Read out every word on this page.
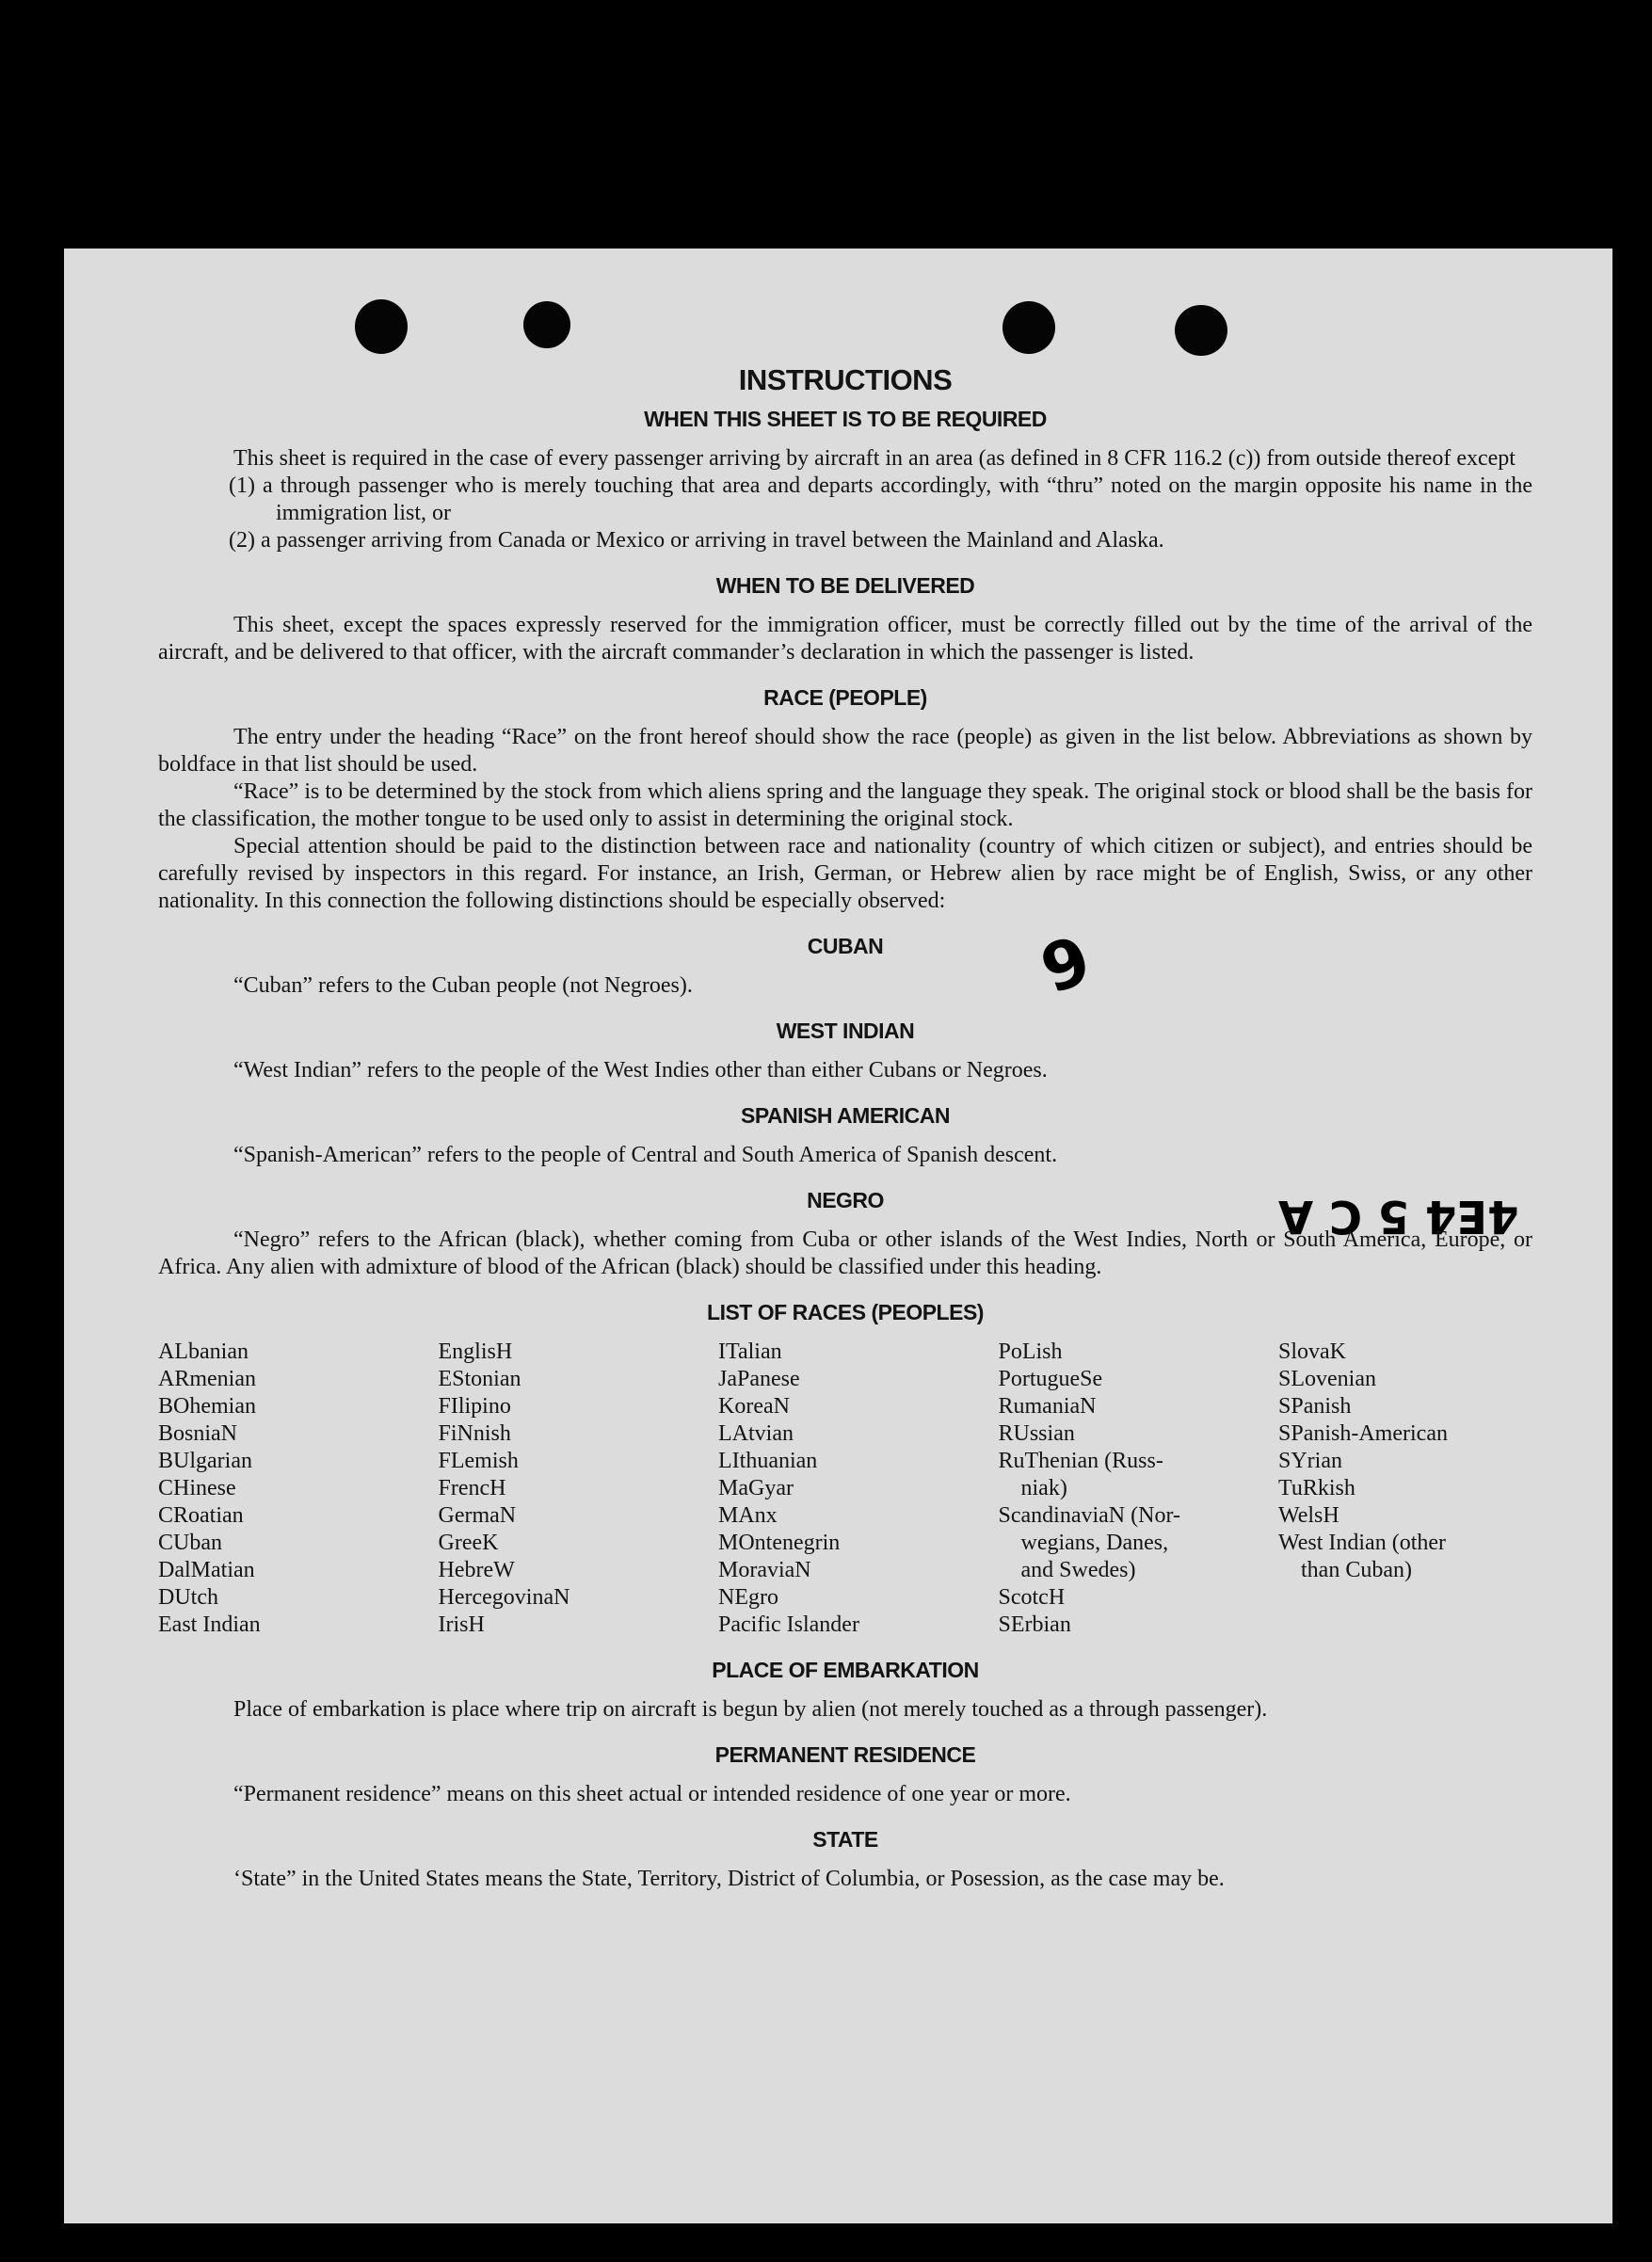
9
4E4 5 C A
INSTRUCTIONS
WHEN THIS SHEET IS TO BE REQUIRED

This sheet is required in the case of every passenger arriving by aircraft in an area (as defined in 8 CFR 116.2 (c)) from outside thereof except

(1) a through passenger who is merely touching that area and departs accordingly, with “thru” noted on the margin opposite his name in the immigration list, or

(2) a passenger arriving from Canada or Mexico or arriving in travel between the Mainland and Alaska.

WHEN TO BE DELIVERED

This sheet, except the spaces expressly reserved for the immigration officer, must be correctly filled out by the time of the arrival of the aircraft, and be delivered to that officer, with the aircraft commander’s declaration in which the passenger is listed.

RACE (PEOPLE)

The entry under the heading “Race” on the front hereof should show the race (people) as given in the list below. Abbreviations as shown by boldface in that list should be used.

“Race” is to be determined by the stock from which aliens spring and the language they speak. The original stock or blood shall be the basis for the classification, the mother tongue to be used only to assist in determining the original stock.

Special attention should be paid to the distinction between race and nationality (country of which citizen or subject), and entries should be carefully revised by inspectors in this regard. For instance, an Irish, German, or Hebrew alien by race might be of English, Swiss, or any other nationality. In this connection the following distinctions should be especially observed:

CUBAN

“Cuban” refers to the Cuban people (not Negroes).

WEST INDIAN

“West Indian” refers to the people of the West Indies other than either Cubans or Negroes.

SPANISH AMERICAN

“Spanish-American” refers to the people of Central and South America of Spanish descent.

NEGRO

“Negro” refers to the African (black), whether coming from Cuba or other islands of the West Indies, North or South America, Europe, or Africa. Any alien with admixture of blood of the African (black) should be classified under this heading.

LIST OF RACES (PEOPLES)
ALbanian
ARmenian
BOhemian
BosniaN
BUlgarian
CHinese
CRoatian
CUban
DalMatian
DUtch
East Indian
EnglisH
EStonian
FIlipino
FiNnish
FLemish
FrencH
GermaN
GreeK
HebreW
HercegovinaN
IrisH
ITalian
JaPanese
KoreaN
LAtvian
LIthuanian
MaGyar
MAnx
MOntenegrin
MoraviaN
NEgro
Pacific Islander
PoLish
PortugueSe
RumaniaN
RUssian
RuThenian (Russ-
niak)
ScandinaviaN (Nor-
wegians, Danes,
and Swedes)
ScotcH
SErbian
SlovaK
SLovenian
SPanish
SPanish-American
SYrian
TuRkish
WelsH
West Indian (other
than Cuban)
PLACE OF EMBARKATION

Place of embarkation is place where trip on aircraft is begun by alien (not merely touched as a through passenger).

PERMANENT RESIDENCE

“Permanent residence” means on this sheet actual or intended residence of one year or more.

STATE

‘State” in the United States means the State, Territory, District of Columbia, or Posession, as the case may be.
